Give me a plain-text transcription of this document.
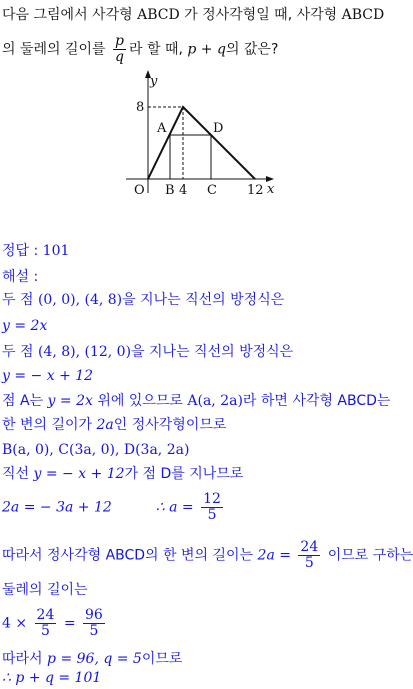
다음 그림에서 사각형 ABCD 가 정사각형일 때, 사각형 ABCD
의 둘레의 길이를 $\frac{p}{q}$ 라 할 때, p + q의 값은?
y
x
O
8
4	12
A	D
B C
정답 : 101
해설 :
두 점 (0, 0), (4, 8)을 지나는 직선의 방정식은
y = 2x
두 점 (4, 8), (12, 0)을 지나는 직선의 방정식은
y = − x + 12
점 A는 y = 2x 위에 있으므로 A(a, 2a)라 하면 사각형 ABCD는
한 변의 길이가 2a인 정사각형이므로
B(a, 0), C(3a, 0), D(3a, 2a)
직선 y = − x + 12가 점 D를 지나므로
2a = − 3a + 12	∴ $a = \frac{12}{5}$
따라서 정사각형 ABCD의 한 변의 길이는 $2a = \frac{24}{5}$ 이므로 구하는
둘레의 길이는
$4 \times \frac{24}{5} = \frac{96}{5}$
따라서 p = 96, q = 5이므로
∴ p + q = 101
